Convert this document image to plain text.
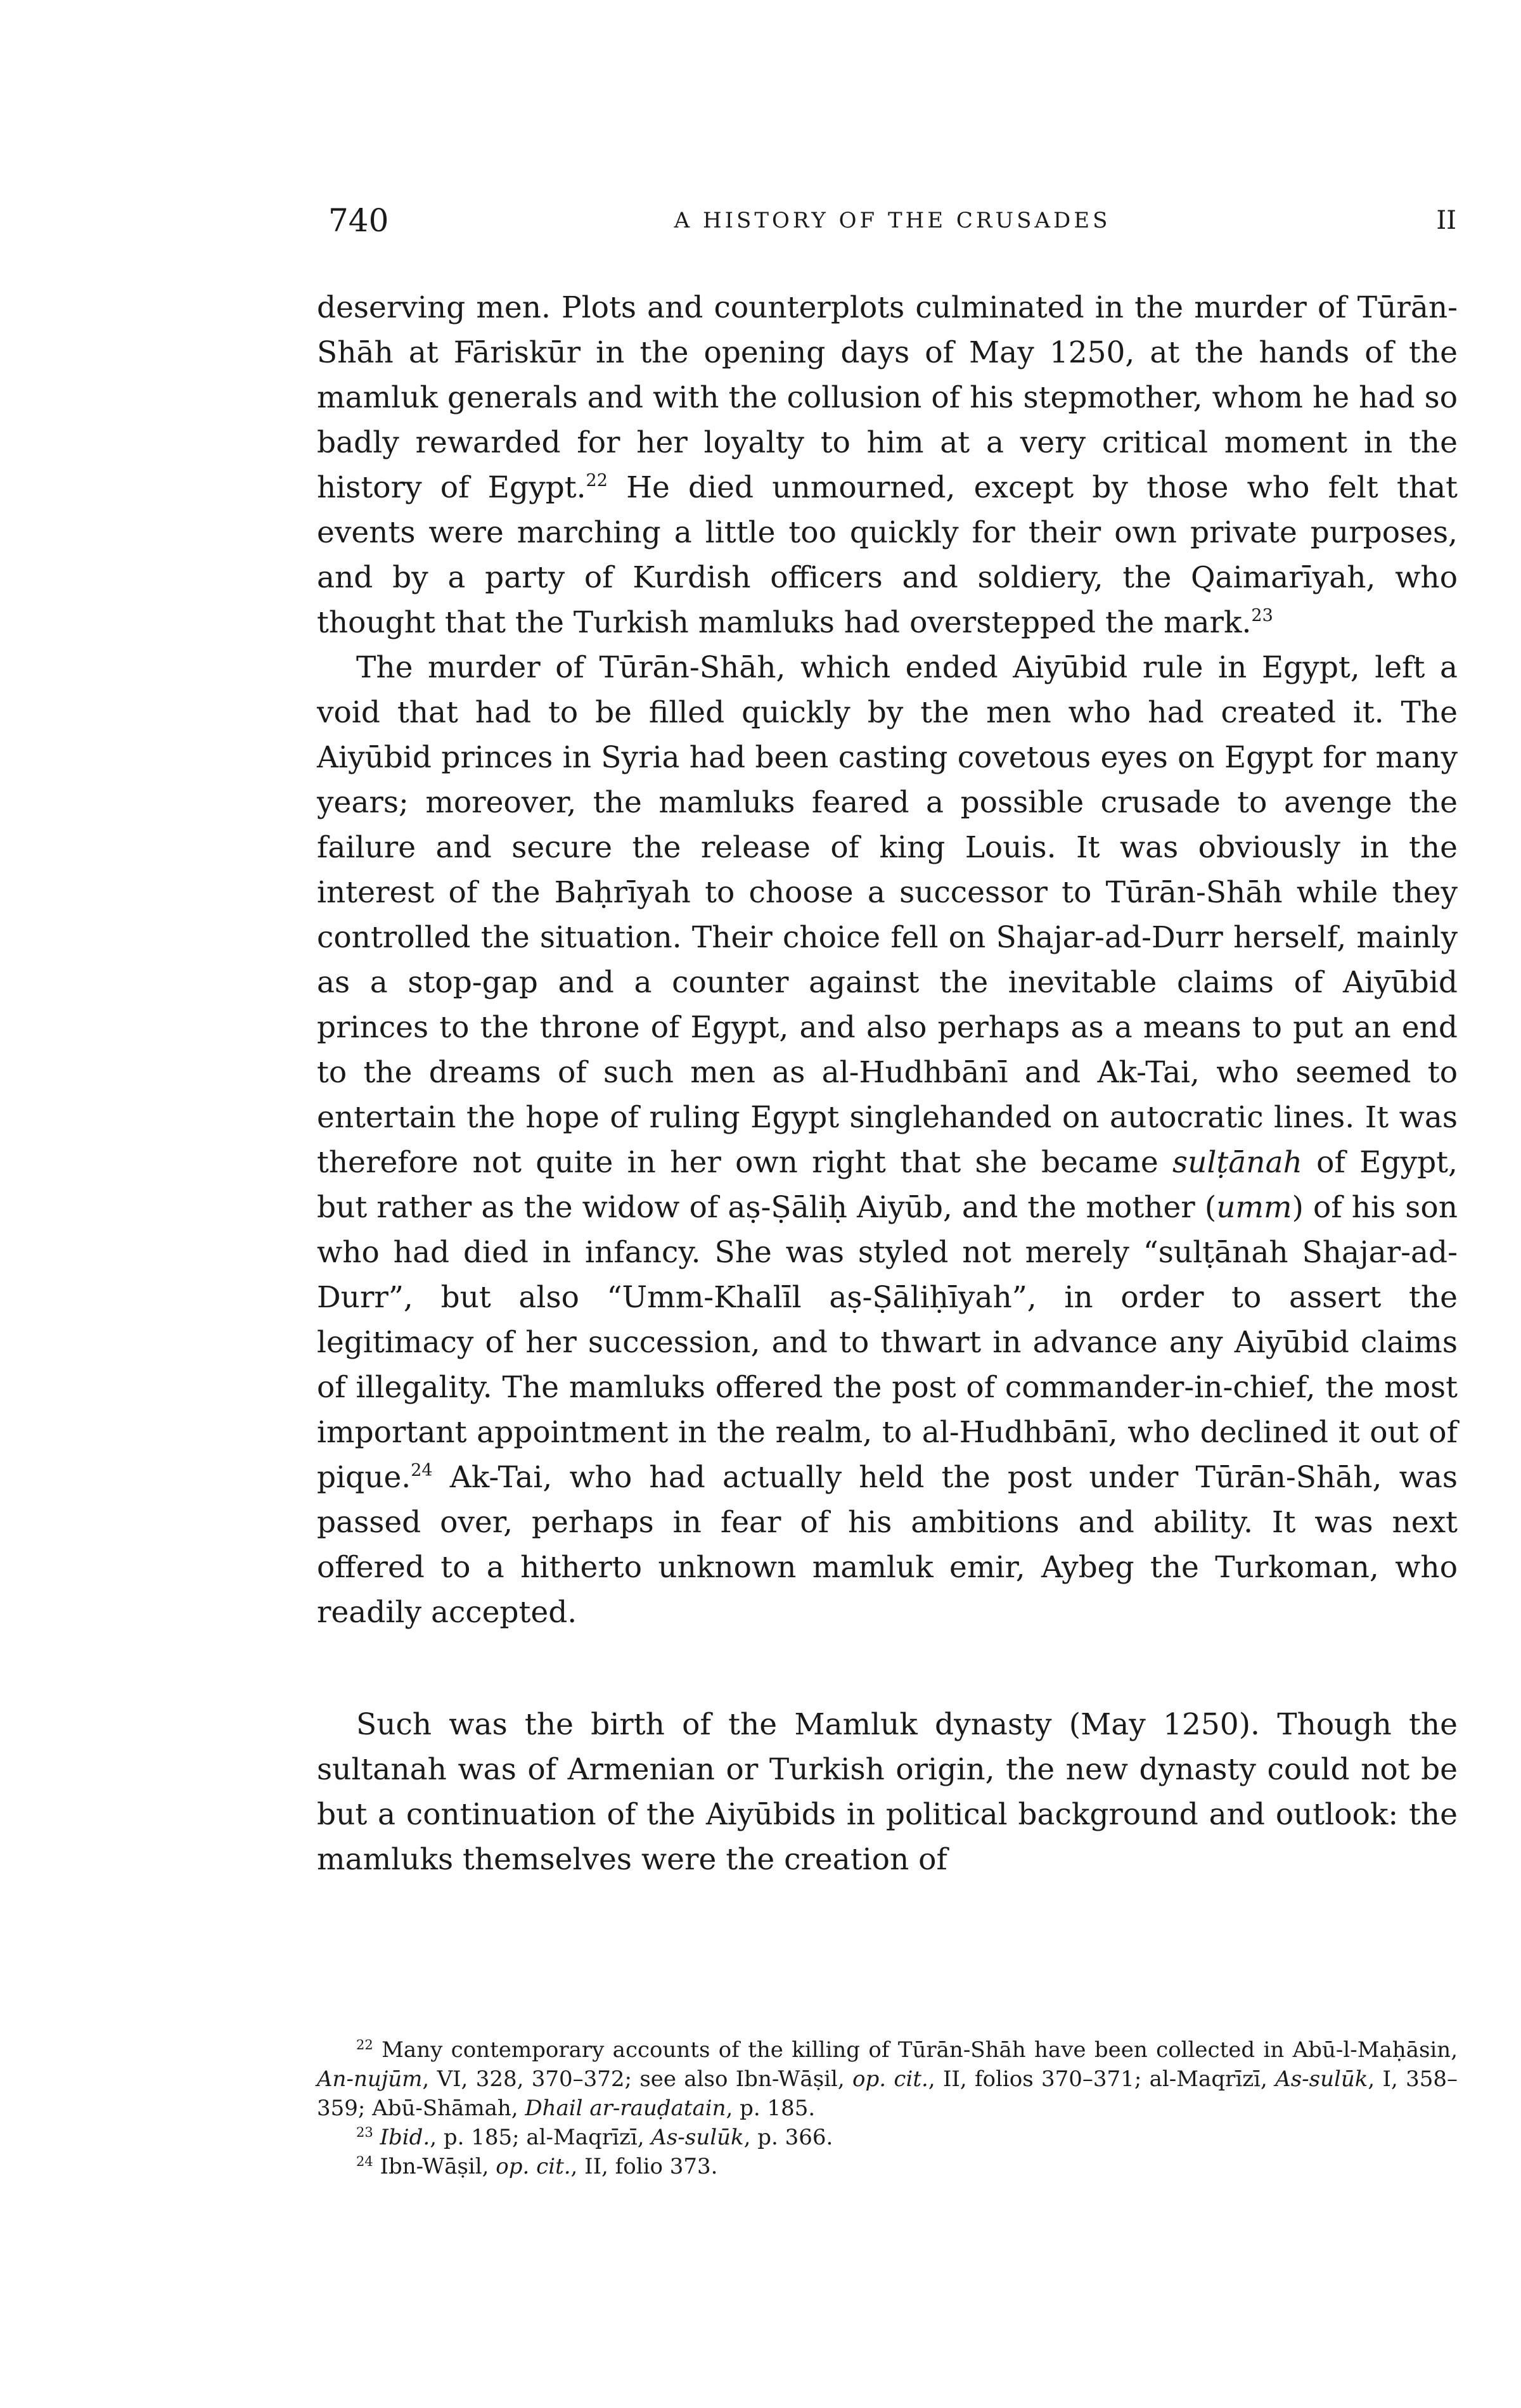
740	A HISTORY OF THE CRUSADES	II

deserving men. Plots and counterplots culminated in the murder of Tūrān-Shāh at Fāriskūr in the opening days of May 1250, at the hands of the mamluk generals and with the collusion of his stepmother, whom he had so badly rewarded for her loyalty to him at a very critical moment in the history of Egypt.$^{22}$ He died unmourned, except by those who felt that events were marching a little too quickly for their own private purposes, and by a party of Kurdish officers and soldiery, the Qaimarīyah, who thought that the Turkish mamluks had overstepped the mark.$^{23}$

The murder of Tūrān-Shāh, which ended Aiyūbid rule in Egypt, left a void that had to be filled quickly by the men who had created it. The Aiyūbid princes in Syria had been casting covetous eyes on Egypt for many years; moreover, the mamluks feared a possible crusade to avenge the failure and secure the release of king Louis. It was obviously in the interest of the Baḥrīyah to choose a successor to Tūrān-Shāh while they controlled the situation. Their choice fell on Shajar-ad-Durr herself, mainly as a stop-gap and a counter against the inevitable claims of Aiyūbid princes to the throne of Egypt, and also perhaps as a means to put an end to the dreams of such men as al-Hudhbānī and Ak-Tai, who seemed to entertain the hope of ruling Egypt singlehanded on autocratic lines. It was therefore not quite in her own right that she became sulṭānah of Egypt, but rather as the widow of aṣ-Ṣāliḥ Aiyūb, and the mother (umm) of his son who had died in infancy. She was styled not merely “sulṭānah Shajar-ad-Durr”, but also “Umm-Khalīl aṣ-Ṣāliḥīyah”, in order to assert the legitimacy of her succession, and to thwart in advance any Aiyūbid claims of illegality. The mamluks offered the post of commander-in-chief, the most important appointment in the realm, to al-Hudhbānī, who declined it out of pique.$^{24}$ Ak-Tai, who had actually held the post under Tūrān-Shāh, was passed over, perhaps in fear of his ambitions and ability. It was next offered to a hitherto unknown mamluk emir, Aybeg the Turkoman, who readily accepted.

Such was the birth of the Mamluk dynasty (May 1250). Though the sultanah was of Armenian or Turkish origin, the new dynasty could not be but a continuation of the Aiyūbids in political background and outlook: the mamluks themselves were the creation of

$^{22}$ Many contemporary accounts of the killing of Tūrān-Shāh have been collected in Abū-l-Maḥāsin, An-nujūm, VI, 328, 370–372; see also Ibn-Wāṣil, op. cit., II, folios 370–371; al-Maqrīzī, As-sulūk, I, 358–359; Abū-Shāmah, Dhail ar-rauḍatain, p. 185.

$^{23}$ Ibid., p. 185; al-Maqrīzī, As-sulūk, p. 366.

$^{24}$ Ibn-Wāṣil, op. cit., II, folio 373.
